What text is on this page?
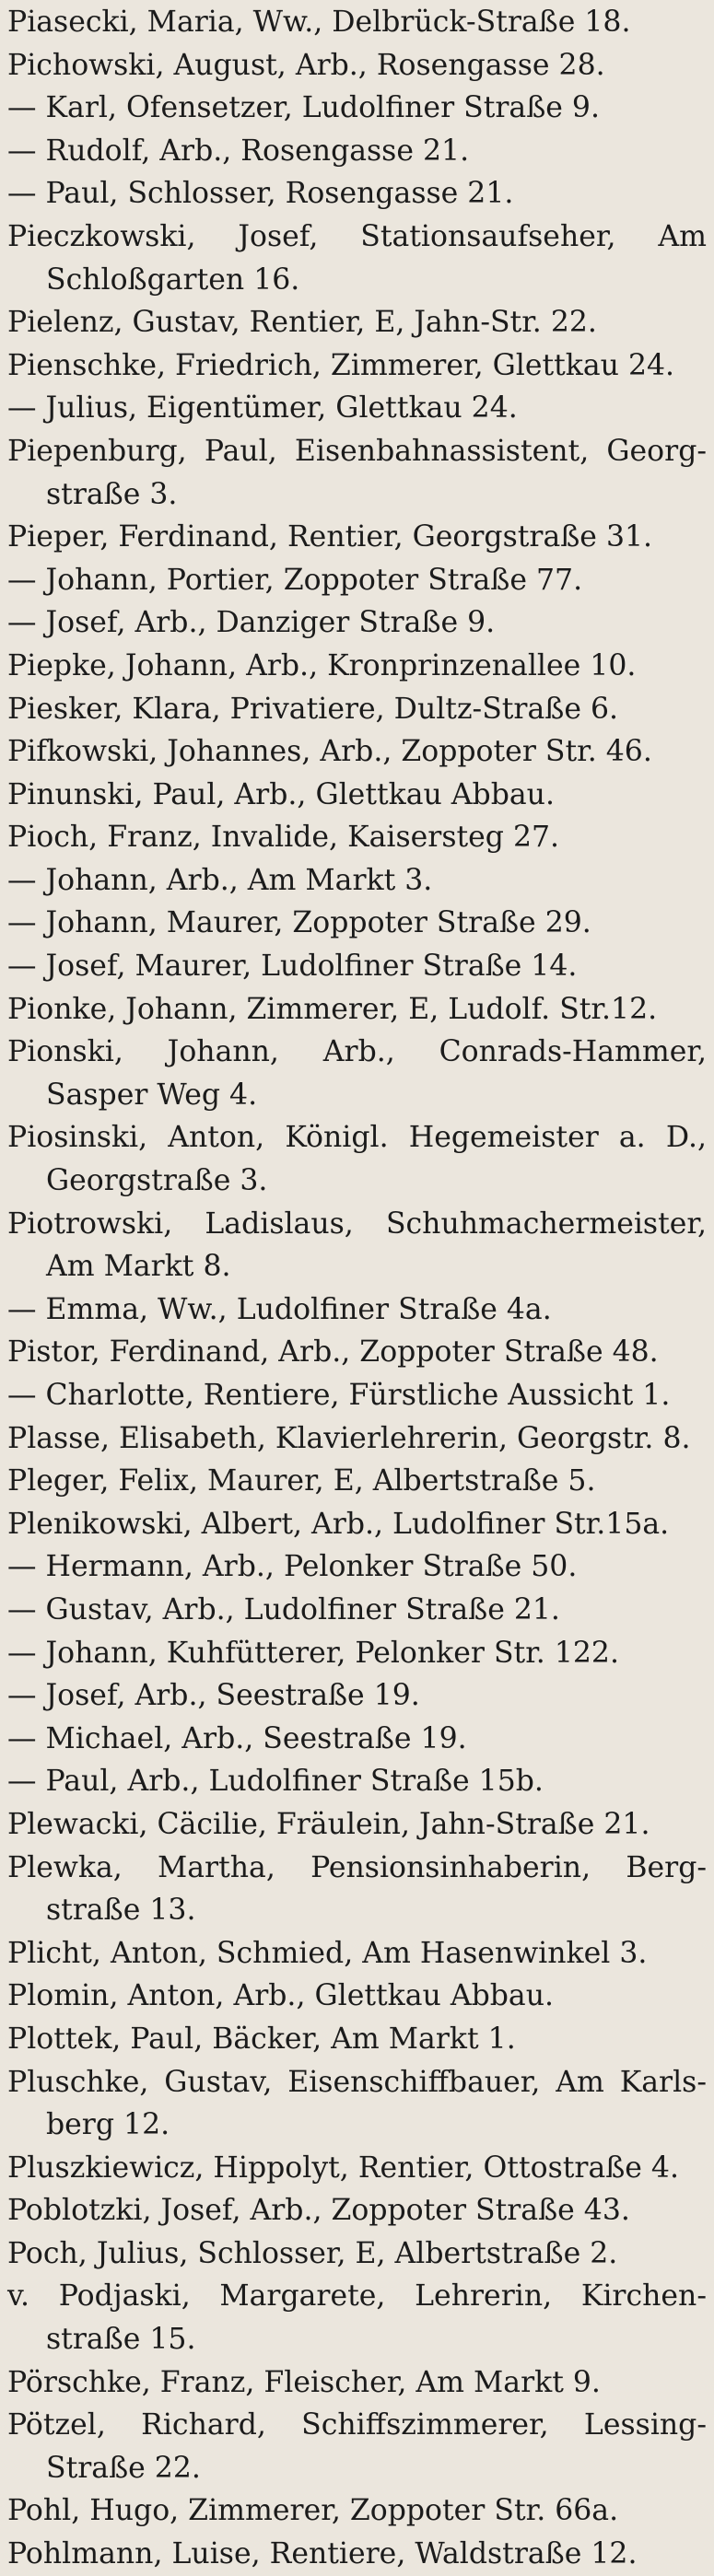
Piasecki, Maria, Ww., Delbrück-Straße 18.

Pichowski, August, Arb., Rosengasse 28.

— Karl, Ofensetzer, Ludolfiner Straße 9.

— Rudolf, Arb., Rosengasse 21.

— Paul, Schlosser, Rosengasse 21.

Pieczkowski, Josef, Stationsaufseher, Am Schloßgarten 16.

Pielenz, Gustav, Rentier, E, Jahn-Str. 22.

Pienschke, Friedrich, Zimmerer, Glettkau 24.

— Julius, Eigentümer, Glettkau 24.

Piepenburg, Paul, Eisenbahnassistent, Georg-straße 3.

Pieper, Ferdinand, Rentier, Georgstraße 31.

— Johann, Portier, Zoppoter Straße 77.

— Josef, Arb., Danziger Straße 9.

Piepke, Johann, Arb., Kronprinzenallee 10.

Piesker, Klara, Privatiere, Dultz-Straße 6.

Pifkowski, Johannes, Arb., Zoppoter Str. 46.

Pinunski, Paul, Arb., Glettkau Abbau.

Pioch, Franz, Invalide, Kaisersteg 27.

— Johann, Arb., Am Markt 3.

— Johann, Maurer, Zoppoter Straße 29.

— Josef, Maurer, Ludolfiner Straße 14.

Pionke, Johann, Zimmerer, E, Ludolf. Str.12.

Pionski, Johann, Arb., Conrads-Hammer, Sasper Weg 4.

Piosinski, Anton, Königl. Hegemeister a. D., Georgstraße 3.

Piotrowski, Ladislaus, Schuhmachermeister, Am Markt 8.

— Emma, Ww., Ludolfiner Straße 4a.

Pistor, Ferdinand, Arb., Zoppoter Straße 48.

— Charlotte, Rentiere, Fürstliche Aussicht 1.

Plasse, Elisabeth, Klavierlehrerin, Georgstr. 8.

Pleger, Felix, Maurer, E, Albertstraße 5.

Plenikowski, Albert, Arb., Ludolfiner Str.15a.

— Hermann, Arb., Pelonker Straße 50.

— Gustav, Arb., Ludolfiner Straße 21.

— Johann, Kuhfütterer, Pelonker Str. 122.

— Josef, Arb., Seestraße 19.

— Michael, Arb., Seestraße 19.

— Paul, Arb., Ludolfiner Straße 15b.

Plewacki, Cäcilie, Fräulein, Jahn-Straße 21.

Plewka, Martha, Pensionsinhaberin, Berg-straße 13.

Plicht, Anton, Schmied, Am Hasenwinkel 3.

Plomin, Anton, Arb., Glettkau Abbau.

Plottek, Paul, Bäcker, Am Markt 1.

Pluschke, Gustav, Eisenschiffbauer, Am Karls-berg 12.

Pluszkiewicz, Hippolyt, Rentier, Ottostraße 4.

Poblotzki, Josef, Arb., Zoppoter Straße 43.

Poch, Julius, Schlosser, E, Albertstraße 2.

v. Podjaski, Margarete, Lehrerin, Kirchen-straße 15.

Pörschke, Franz, Fleischer, Am Markt 9.

Pötzel, Richard, Schiffszimmerer, Lessing-Straße 22.

Pohl, Hugo, Zimmerer, Zoppoter Str. 66a.

Pohlmann, Luise, Rentiere, Waldstraße 12.
